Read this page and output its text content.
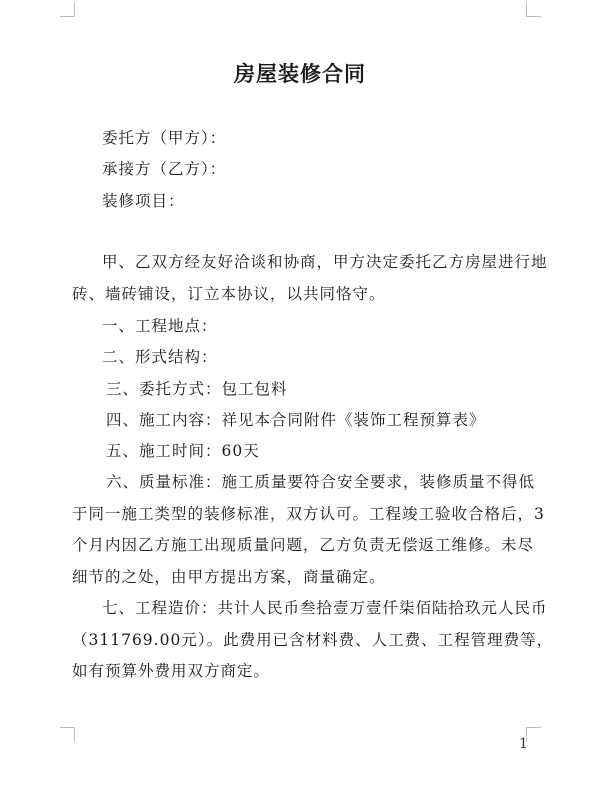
房屋装修合同
委托方（甲方）：
承接方（乙方）：
装修项目：
甲、乙双方经友好洽谈和协商，甲方决定委托乙方房屋进行地
砖、墙砖铺设，订立本协议，以共同恪守。
一、工程地点：
二、形式结构：
三、委托方式：包工包料
四、施工内容：祥见本合同附件《装饰工程预算表》
五、施工时间：60天
六、质量标准：施工质量要符合安全要求，装修质量不得低
于同一施工类型的装修标准，双方认可。工程竣工验收合格后，3
个月内因乙方施工出现质量问题，乙方负责无偿返工维修。未尽
细节的之处，由甲方提出方案，商量确定。
七、工程造价：共计人民币叁拾壹万壹仟柒佰陆拾玖元人民币
（311769.00元）。此费用已含材料费、人工费、工程管理费等，
如有预算外费用双方商定。
1
